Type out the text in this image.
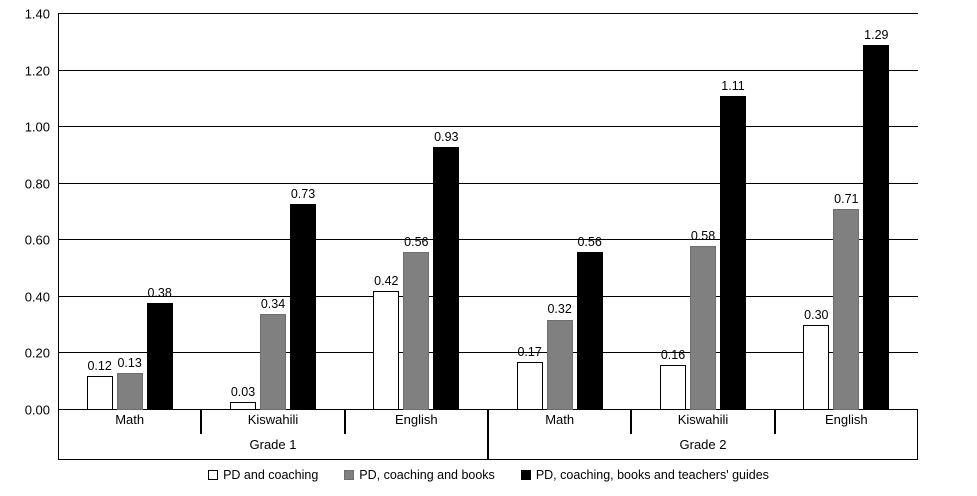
0.00
0.20
0.40
0.60
0.80
1.00
1.20
1.40
0.12 0.13
0.38
0.03
0.34
0.73
0.42
0.56
0.93
0.17
0.32
0.56
0.16
0.58
1.11
0.30
0.71
1.29
Math	Kiswahili	English	Math	Kiswahili	English
Grade 1	Grade 2
PD and coaching	PD, coaching and books	PD, coaching, books and teachers' guides
